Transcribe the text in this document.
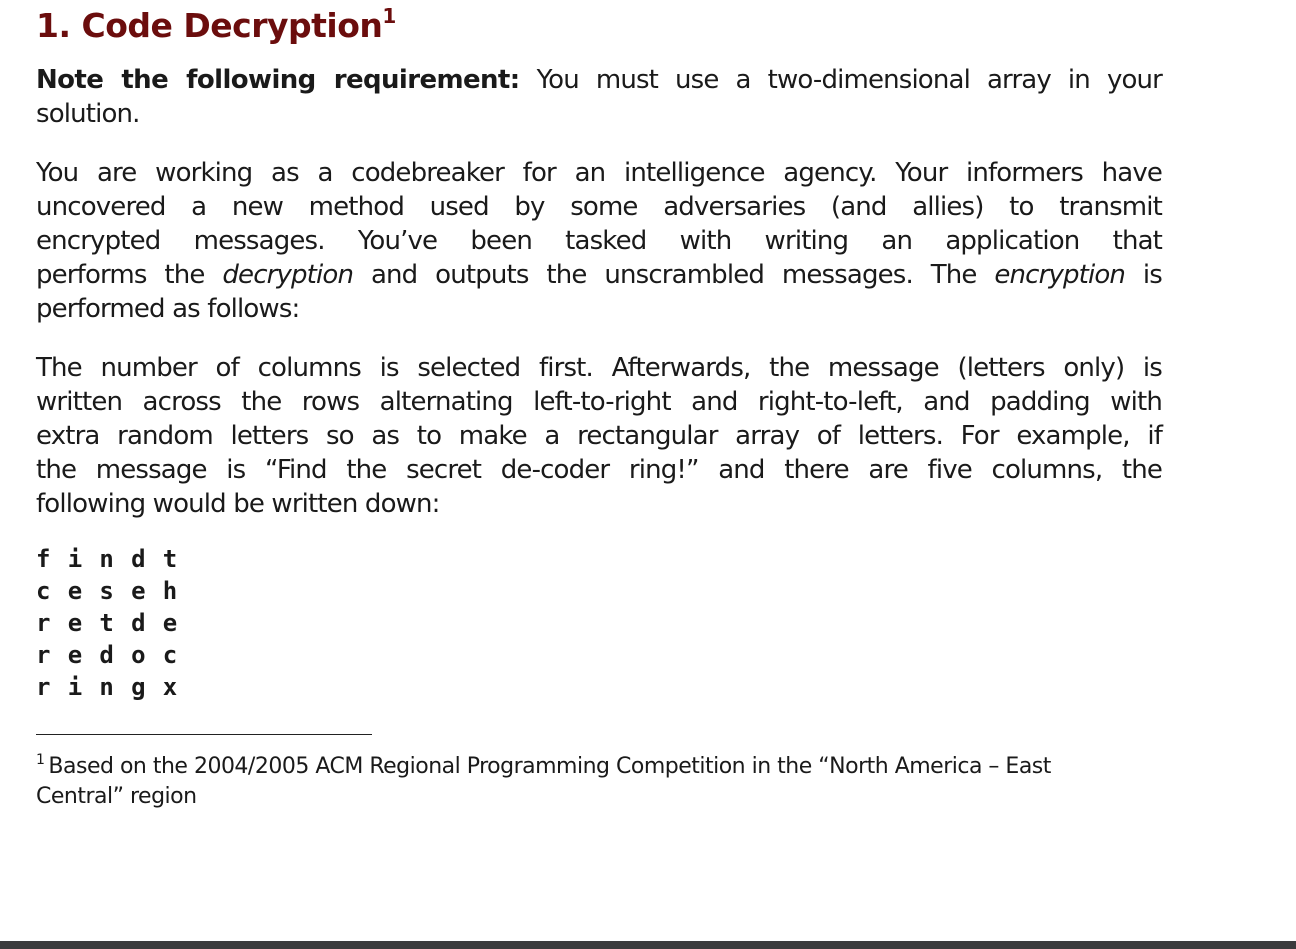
1. Code Decryption$^1$

Note the following requirement: You must use a two-dimensional array in your
solution.

You are working as a codebreaker for an intelligence agency. Your informers have
uncovered a new method used by some adversaries (and allies) to transmit
encrypted messages. You’ve been tasked with writing an application that
performs the decryption and outputs the unscrambled messages. The encryption is
performed as follows:

The number of columns is selected first. Afterwards, the message (letters only) is
written across the rows alternating left-to-right and right-to-left, and padding with
extra random letters so as to make a rectangular array of letters. For example, if
the message is “Find the secret de-coder ring!” and there are five columns, the
following would be written down:

f i n d t
c e s e h
r e t d e
r e d o c
r i n g x

$^1$ Based on the 2004/2005 ACM Regional Programming Competition in the “North America – East
Central” region
